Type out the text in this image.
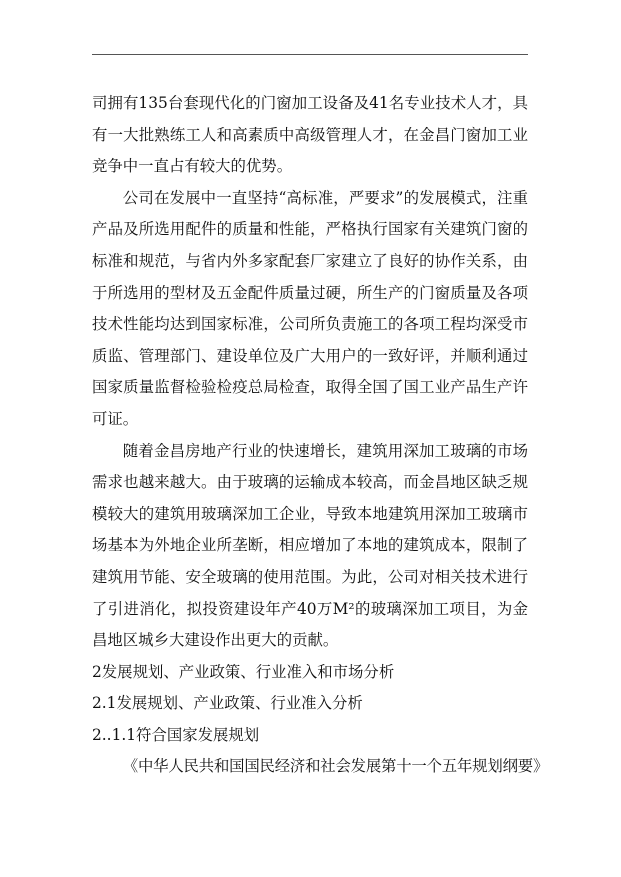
司拥有135台套现代化的门窗加工设备及41名专业技术人才，具有一大批熟练工人和高素质中高级管理人才，在金昌门窗加工业竞争中一直占有较大的优势。

公司在发展中一直坚持“高标准，严要求”的发展模式，注重产品及所选用配件的质量和性能，严格执行国家有关建筑门窗的标准和规范，与省内外多家配套厂家建立了良好的协作关系，由于所选用的型材及五金配件质量过硬，所生产的门窗质量及各项技术性能均达到国家标准，公司所负责施工的各项工程均深受市质监、管理部门、建设单位及广大用户的一致好评，并顺利通过国家质量监督检验检疫总局检查，取得全国了国工业产品生产许可证。

随着金昌房地产行业的快速增长，建筑用深加工玻璃的市场需求也越来越大。由于玻璃的运输成本较高，而金昌地区缺乏规模较大的建筑用玻璃深加工企业，导致本地建筑用深加工玻璃市场基本为外地企业所垄断，相应增加了本地的建筑成本，限制了建筑用节能、安全玻璃的使用范围。为此，公司对相关技术进行了引进消化，拟投资建设年产40万M²的玻璃深加工项目，为金昌地区城乡大建设作出更大的贡献。

2发展规划、产业政策、行业准入和市场分析

2.1发展规划、产业政策、行业准入分析

2..1.1符合国家发展规划

《中华人民共和国国民经济和社会发展第十一个五年规划纲要》
